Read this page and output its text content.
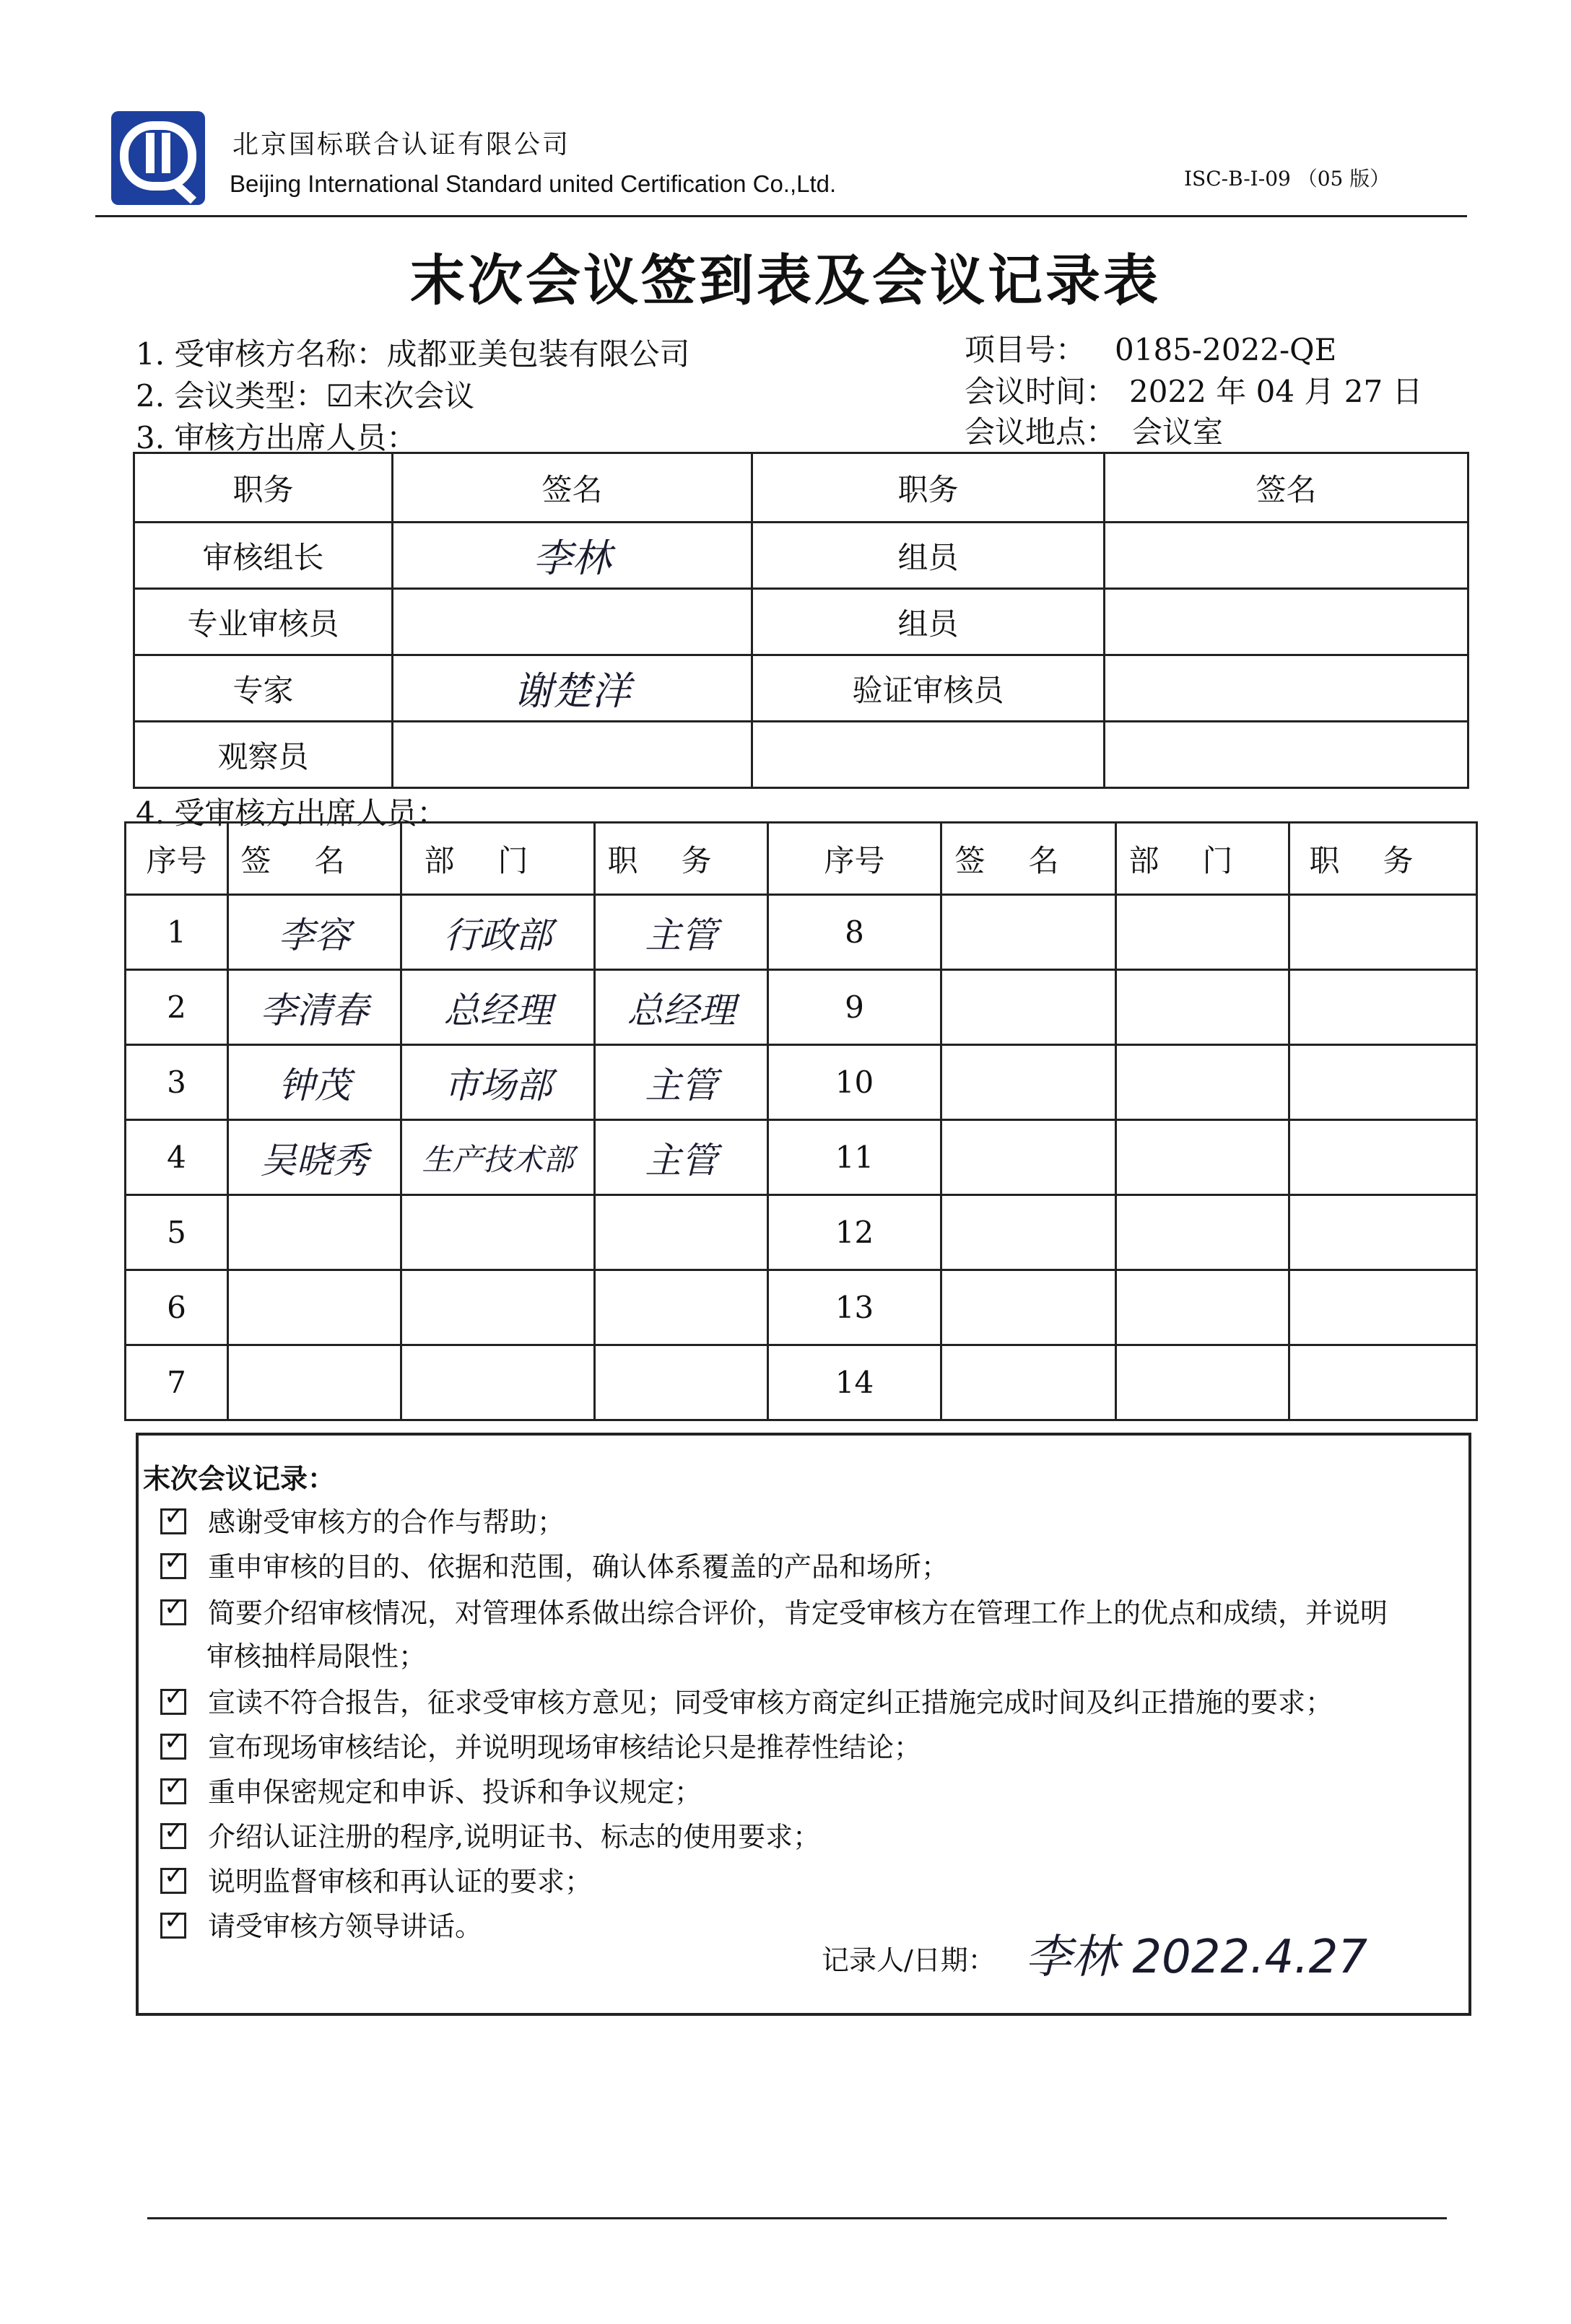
北京国标联合认证有限公司
Beijing International Standard united Certification Co.,Ltd.	ISC-B-I-09 （05 版）
末次会议签到表及会议记录表
1. 受审核方名称：成都亚美包装有限公司
2. 会议类型：☑末次会议
3. 审核方出席人员：
项目号： 0185-2022-QE
会议时间： 2022 年 04 月 27 日
会议地点： 会议室
职务	签名	职务	签名
审核组长	李林	组员	
专业审核员		组员	
专家	谢楚洋	验证审核员	
观察员			
4. 受审核方出席人员：
序号	签名	部门	职务	序号	签名	部门	职务
1	李容	行政部	主管	8			
2	李清春	总经理	总经理	9			
3	钟茂	市场部	主管	10			
4	吴晓秀	生产技术部	主管	11			
5				12			
6				13			
7				14			
末次会议记录：
✓感谢受审核方的合作与帮助；
✓重申审核的目的、依据和范围，确认体系覆盖的产品和场所；
✓简要介绍审核情况，对管理体系做出综合评价，肯定受审核方在管理工作上的优点和成绩，并说明
审核抽样局限性；
✓宣读不符合报告，征求受审核方意见；同受审核方商定纠正措施完成时间及纠正措施的要求；
✓宣布现场审核结论，并说明现场审核结论只是推荐性结论；
✓重申保密规定和申诉、投诉和争议规定；
✓介绍认证注册的程序,说明证书、标志的使用要求；
✓说明监督审核和再认证的要求；
✓请受审核方领导讲话。
记录人/日期： 李林 2022.4.27
